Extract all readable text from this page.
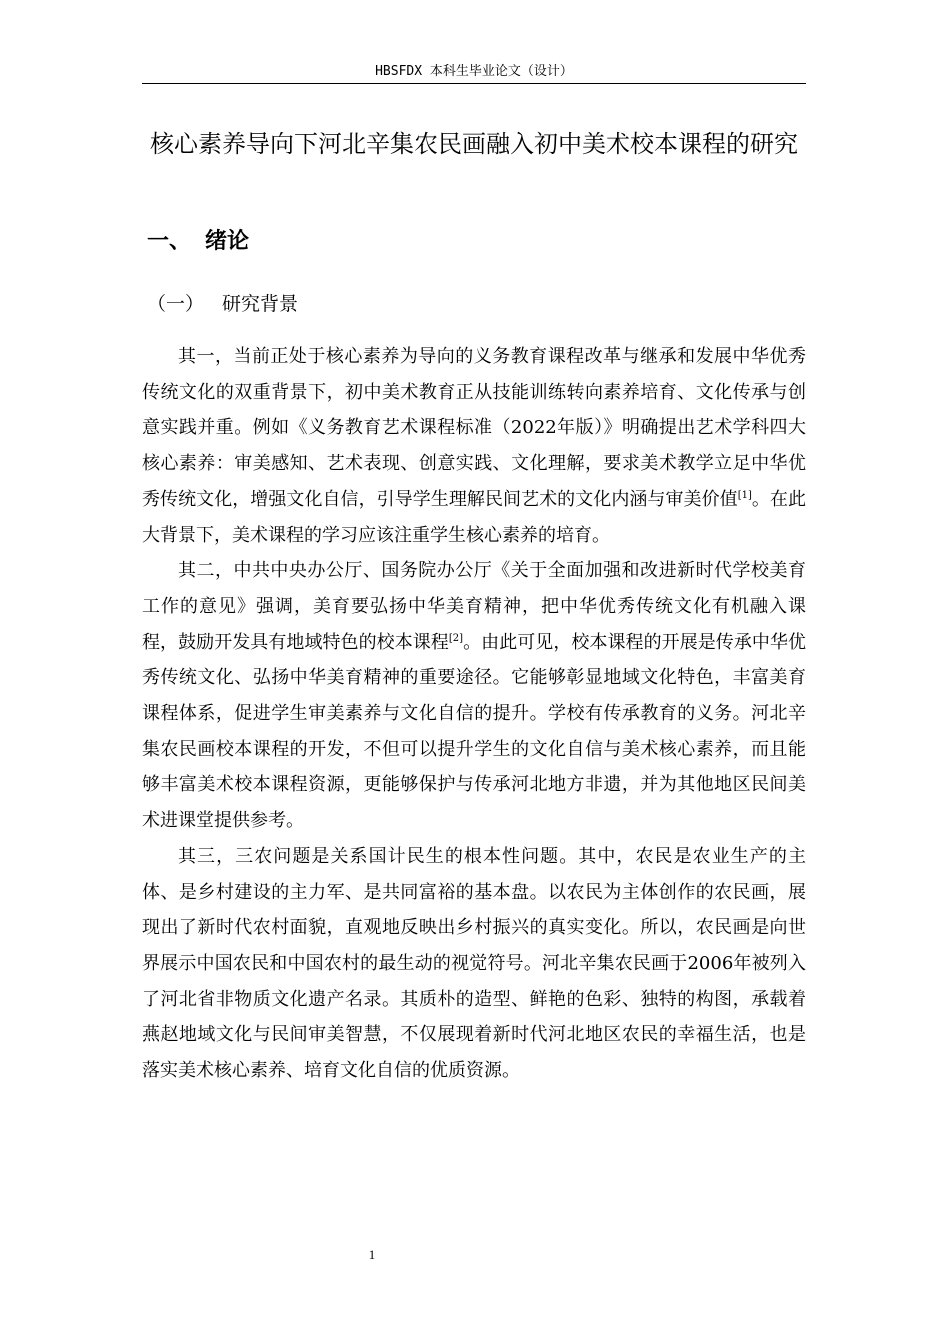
HBSFDX 本科生毕业论文（设计）
核心素养导向下河北辛集农民画融入初中美术校本课程的研究
一、 绪论
（一） 研究背景

其一，当前正处于核心素养为导向的义务教育课程改革与继承和发展中华优秀传统文化的双重背景下，初中美术教育正从技能训练转向素养培育、文化传承与创意实践并重。例如《义务教育艺术课程标准（2022年版）》明确提出艺术学科四大核心素养：审美感知、艺术表现、创意实践、文化理解，要求美术教学立足中华优秀传统文化，增强文化自信，引导学生理解民间艺术的文化内涵与审美价值[1]。在此大背景下，美术课程的学习应该注重学生核心素养的培育。

其二，中共中央办公厅、国务院办公厅《关于全面加强和改进新时代学校美育工作的意见》强调，美育要弘扬中华美育精神，把中华优秀传统文化有机融入课程，鼓励开发具有地域特色的校本课程[2]。由此可见，校本课程的开展是传承中华优秀传统文化、弘扬中华美育精神的重要途径。它能够彰显地域文化特色，丰富美育课程体系，促进学生审美素养与文化自信的提升。学校有传承教育的义务。河北辛集农民画校本课程的开发，不但可以提升学生的文化自信与美术核心素养，而且能够丰富美术校本课程资源，更能够保护与传承河北地方非遗，并为其他地区民间美术进课堂提供参考。

其三，三农问题是关系国计民生的根本性问题。其中，农民是农业生产的主体、是乡村建设的主力军、是共同富裕的基本盘。以农民为主体创作的农民画，展现出了新时代农村面貌，直观地反映出乡村振兴的真实变化。所以，农民画是向世界展示中国农民和中国农村的最生动的视觉符号。河北辛集农民画于2006年被列入了河北省非物质文化遗产名录。其质朴的造型、鲜艳的色彩、独特的构图，承载着燕赵地域文化与民间审美智慧，不仅展现着新时代河北地区农民的幸福生活，也是落实美术核心素养、培育文化自信的优质资源。

1
